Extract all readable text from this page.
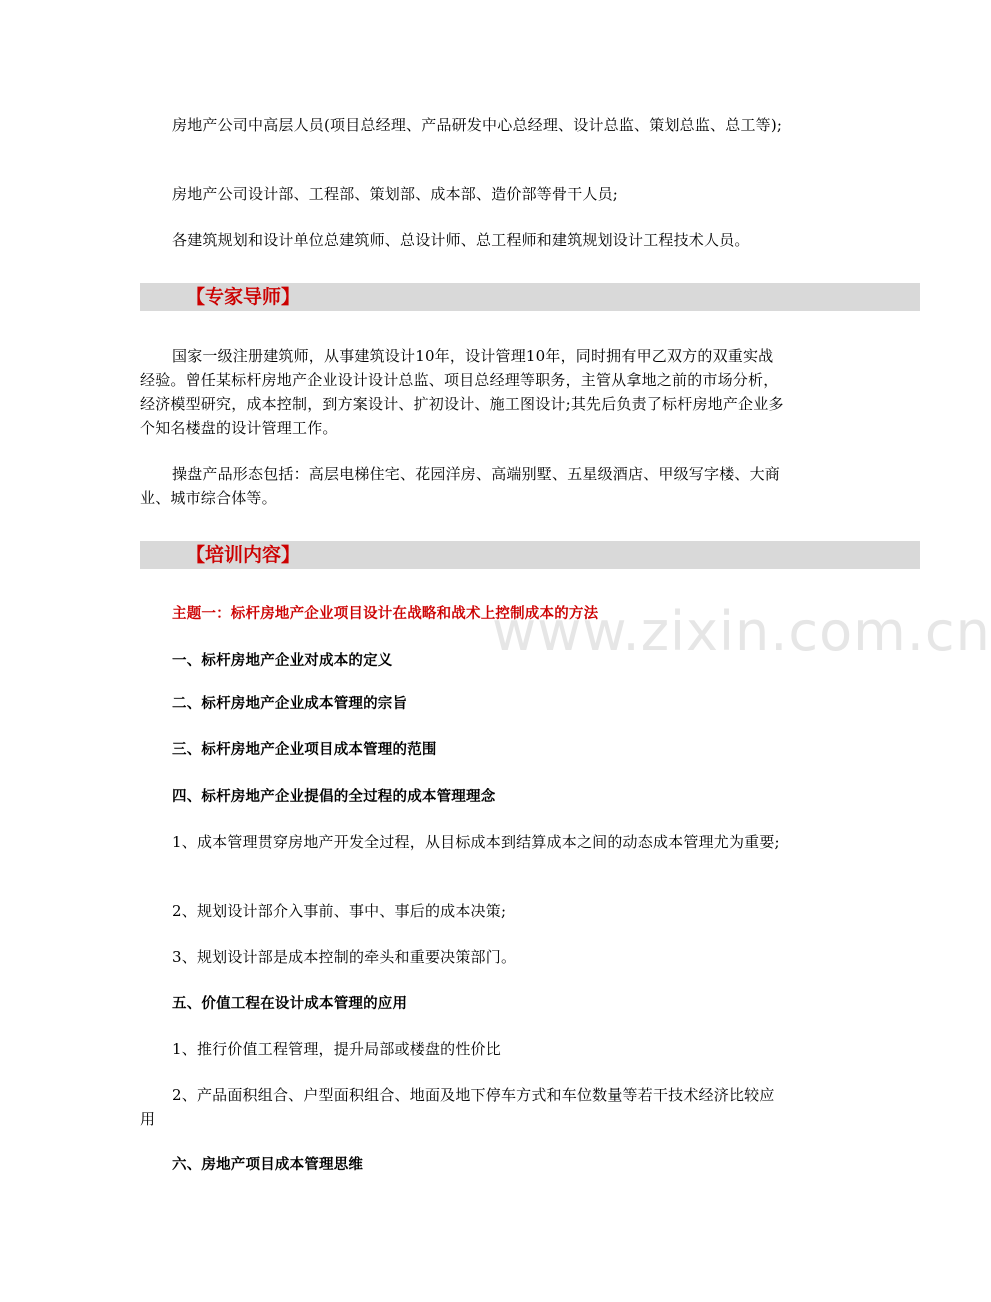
www.zixin.com.cn

房地产公司中高层人员(项目总经理、产品研发中心总经理、设计总监、策划总监、总工等);

房地产公司设计部、工程部、策划部、成本部、造价部等骨干人员;

各建筑规划和设计单位总建筑师、总设计师、总工程师和建筑规划设计工程技术人员。

【专家导师】

国家一级注册建筑师，从事建筑设计10年，设计管理10年，同时拥有甲乙双方的双重实战经验。曾任某标杆房地产企业设计设计总监、项目总经理等职务，主管从拿地之前的市场分析，经济模型研究，成本控制，到方案设计、扩初设计、施工图设计;其先后负责了标杆房地产企业多个知名楼盘的设计管理工作。

操盘产品形态包括：高层电梯住宅、花园洋房、高端别墅、五星级酒店、甲级写字楼、大商业、城市综合体等。

【培训内容】

主题一：标杆房地产企业项目设计在战略和战术上控制成本的方法

一、标杆房地产企业对成本的定义

二、标杆房地产企业成本管理的宗旨

三、标杆房地产企业项目成本管理的范围

四、标杆房地产企业提倡的全过程的成本管理理念

1、成本管理贯穿房地产开发全过程，从目标成本到结算成本之间的动态成本管理尤为重要;

2、规划设计部介入事前、事中、事后的成本决策;

3、规划设计部是成本控制的牵头和重要决策部门。

五、价值工程在设计成本管理的应用

1、推行价值工程管理，提升局部或楼盘的性价比

2、产品面积组合、户型面积组合、地面及地下停车方式和车位数量等若干技术经济比较应用

六、房地产项目成本管理思维
